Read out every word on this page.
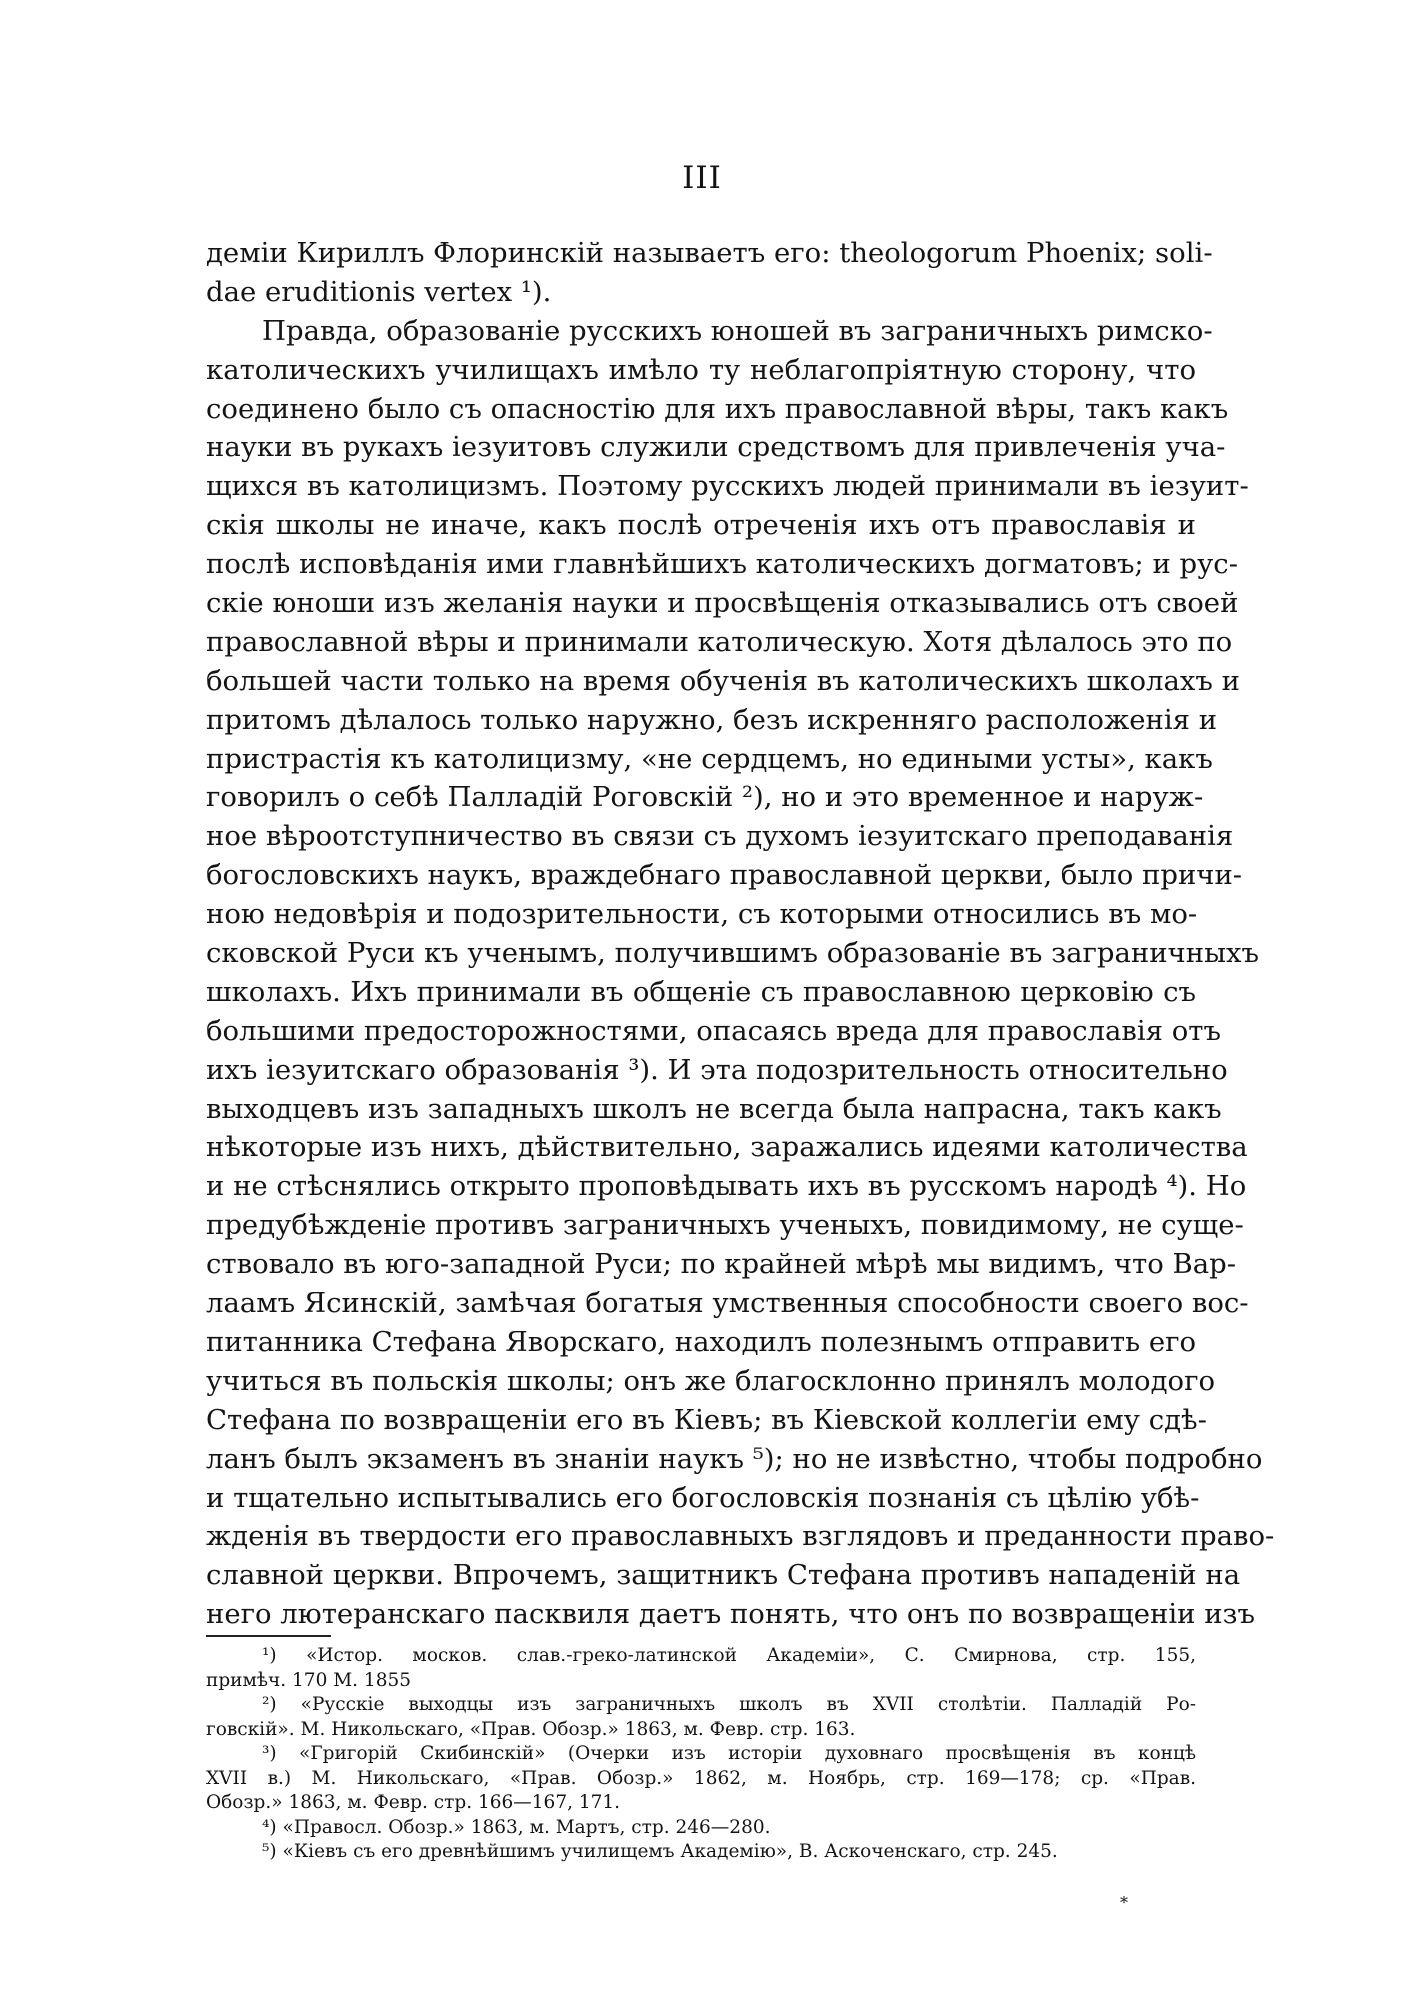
III
деміи Кириллъ Флоринскій называетъ его: theologorum Phoenix; soli-
dae eruditionis vertex ¹).
Правда, образованіе русскихъ юношей въ заграничныхъ римско-
католическихъ училищахъ имѣло ту неблагопріятную сторону, что
соединено было съ опасностію для ихъ православной вѣры, такъ какъ
науки въ рукахъ іезуитовъ служили средствомъ для привлеченія уча-
щихся въ католицизмъ. Поэтому русскихъ людей принимали въ іезуит-
скія школы не иначе, какъ послѣ отреченія ихъ отъ православія и
послѣ исповѣданія ими главнѣйшихъ католическихъ догматовъ; и рус-
скіе юноши изъ желанія науки и просвѣщенія отказывались отъ своей
православной вѣры и принимали католическую. Хотя дѣлалось это по
большей части только на время обученія въ католическихъ школахъ и
притомъ дѣлалось только наружно, безъ искренняго расположенія и
пристрастія къ католицизму, «не сердцемъ, но едиными усты», какъ
говорилъ о себѣ Палладій Роговскій ²), но и это временное и наруж-
ное вѣроотступничество въ связи съ духомъ іезуитскаго преподаванія
богословскихъ наукъ, враждебнаго православной церкви, было причи-
ною недовѣрія и подозрительности, съ которыми относились въ мо-
сковской Руси къ ученымъ, получившимъ образованіе въ заграничныхъ
школахъ. Ихъ принимали въ общеніе съ православною церковію съ
большими предосторожностями, опасаясь вреда для православія отъ
ихъ іезуитскаго образованія ³). И эта подозрительность относительно
выходцевъ изъ западныхъ школъ не всегда была напрасна, такъ какъ
нѣкоторые изъ нихъ, дѣйствительно, заражались идеями католичества
и не стѣснялись открыто проповѣдывать ихъ въ русскомъ народѣ ⁴). Но
предубѣжденіе противъ заграничныхъ ученыхъ, повидимому, не суще-
ствовало въ юго-западной Руси; по крайней мѣрѣ мы видимъ, что Вар-
лаамъ Ясинскій, замѣчая богатыя умственныя способности своего вос-
питанника Стефана Яворскаго, находилъ полезнымъ отправить его
учиться въ польскія школы; онъ же благосклонно принялъ молодого
Стефана по возвращеніи его въ Кіевъ; въ Кіевской коллегіи ему сдѣ-
ланъ былъ экзаменъ въ знаніи наукъ ⁵); но не извѣстно, чтобы подробно
и тщательно испытывались его богословскія познанія съ цѣлію убѣ-
жденія въ твердости его православныхъ взглядовъ и преданности право-
славной церкви. Впрочемъ, защитникъ Стефана противъ нападеній на
него лютеранскаго пасквиля даетъ понять, что онъ по возвращеніи изъ
¹) «Истор. москов. слав.-греко-латинской Академіи», С. Смирнова, стр. 155,
примѣч. 170 М. 1855
²) «Русскіе выходцы изъ заграничныхъ школъ въ XVII столѣтіи. Палладій Ро-
говскій». М. Никольскаго, «Прав. Обозр.» 1863, м. Февр. стр. 163.
³) «Григорій Скибинскій» (Очерки изъ исторіи духовнаго просвѣщенія въ концѣ
XVII в.) М. Никольскаго, «Прав. Обозр.» 1862, м. Ноябрь, стр. 169—178; ср. «Прав.
Обозр.» 1863, м. Февр. стр. 166—167, 171.
⁴) «Правосл. Обозр.» 1863, м. Мартъ, стр. 246—280.
⁵) «Кіевъ съ его древнѣйшимъ училищемъ Академію», В. Аскоченскаго, стр. 245.
*
